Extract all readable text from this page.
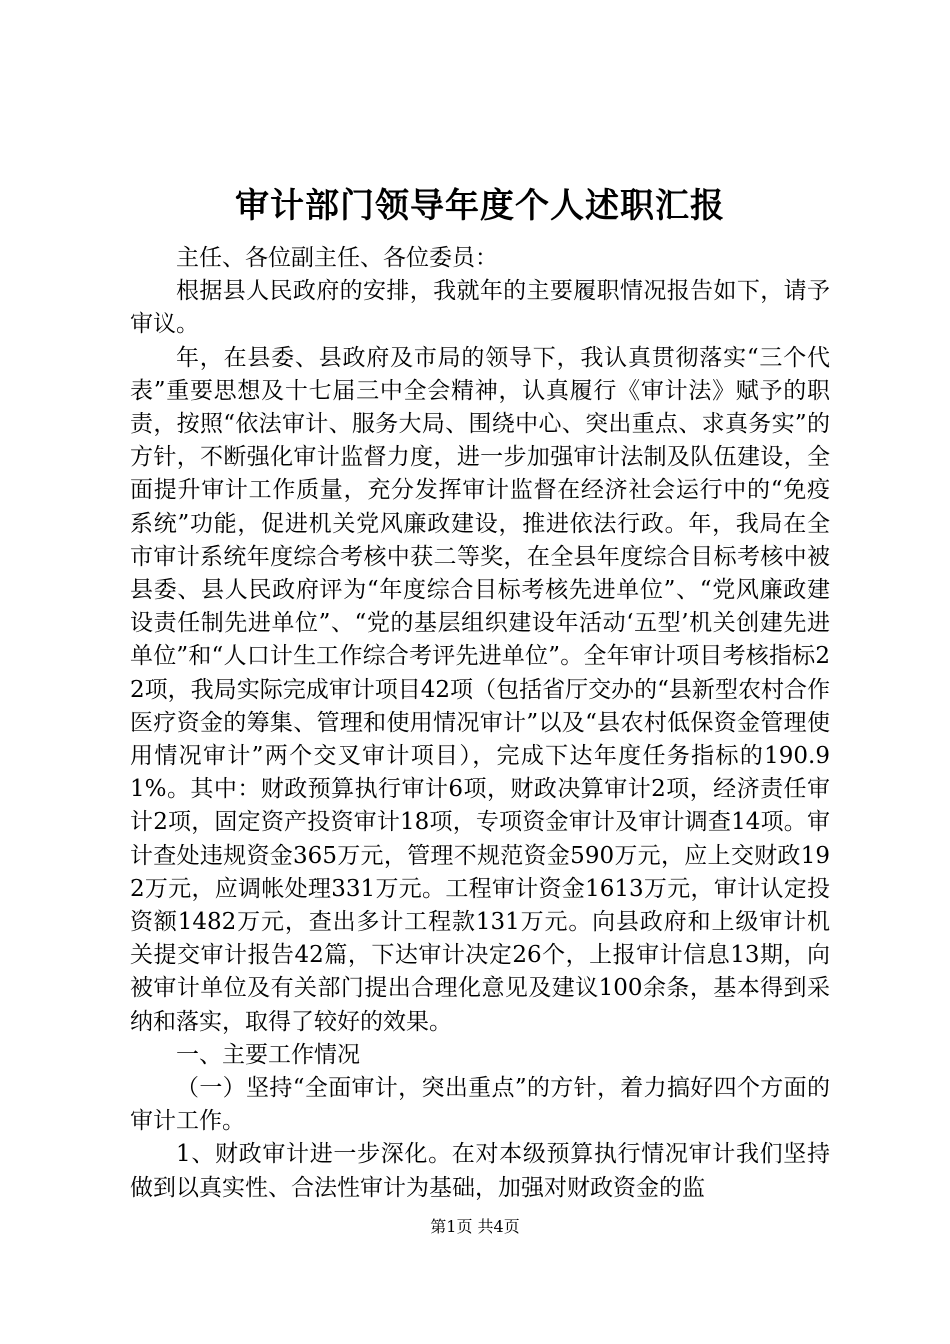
审计部门领导年度个人述职汇报

主任、各位副主任、各位委员：

根据县人民政府的安排，我就年的主要履职情况报告如下，请予审议。

年，在县委、县政府及市局的领导下，我认真贯彻落实“三个代表”重要思想及十七届三中全会精神，认真履行《审计法》赋予的职责，按照“依法审计、服务大局、围绕中心、突出重点、求真务实”的方针，不断强化审计监督力度，进一步加强审计法制及队伍建设，全面提升审计工作质量，充分发挥审计监督在经济社会运行中的“免疫系统”功能，促进机关党风廉政建设，推进依法行政。年，我局在全市审计系统年度综合考核中获二等奖，在全县年度综合目标考核中被县委、县人民政府评为“年度综合目标考核先进单位”、“党风廉政建设责任制先进单位”、“党的基层组织建设年活动‘五型’机关创建先进单位”和“人口计生工作综合考评先进单位”。全年审计项目考核指标22项，我局实际完成审计项目42项（包括省厅交办的“县新型农村合作医疗资金的筹集、管理和使用情况审计”以及“县农村低保资金管理使用情况审计”两个交叉审计项目），完成下达年度任务指标的190.91%。其中：财政预算执行审计6项，财政决算审计2项，经济责任审计2项，固定资产投资审计18项，专项资金审计及审计调查14项。审计查处违规资金365万元，管理不规范资金590万元，应上交财政192万元，应调帐处理331万元。工程审计资金1613万元，审计认定投资额1482万元，查出多计工程款131万元。向县政府和上级审计机关提交审计报告42篇，下达审计决定26个，上报审计信息13期，向被审计单位及有关部门提出合理化意见及建议100余条，基本得到采纳和落实，取得了较好的效果。

一、主要工作情况

（一）坚持“全面审计，突出重点”的方针，着力搞好四个方面的审计工作。

1、财政审计进一步深化。在对本级预算执行情况审计我们坚持做到以真实性、合法性审计为基础，加强对财政资金的监

第1页 共4页
